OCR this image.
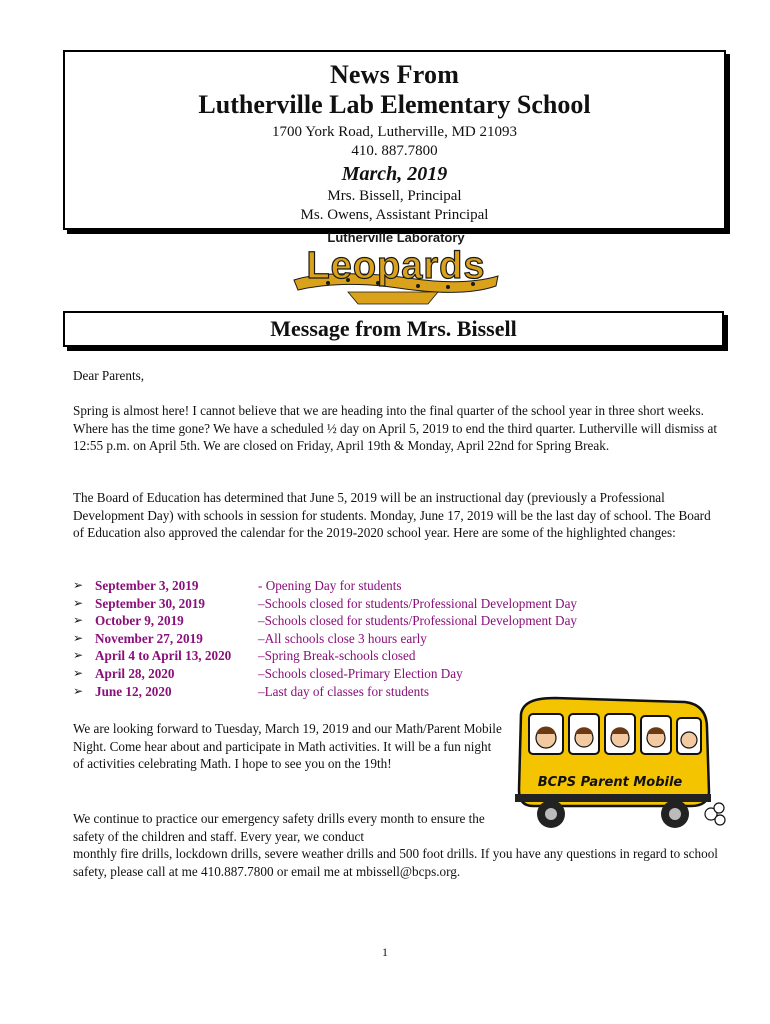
News From
Lutherville Lab Elementary School
1700 York Road, Lutherville, MD 21093
410. 887.7800
March, 2019
Mrs. Bissell, Principal
Ms. Owens, Assistant Principal
Lutherville Laboratory
Leopards
Message from Mrs. Bissell
Dear Parents,
Spring is almost here! I cannot believe that we are heading into the final quarter of the school year in three short weeks. Where has the time gone? We have a scheduled ½ day on April 5, 2019 to end the third quarter. Lutherville will dismiss at 12:55 p.m. on April 5th. We are closed on Friday, April 19th & Monday, April 22nd for Spring Break.
The Board of Education has determined that June 5, 2019 will be an instructional day (previously a Professional Development Day) with schools in session for students. Monday, June 17, 2019 will be the last day of school. The Board of Education also approved the calendar for the 2019-2020 school year. Here are some of the highlighted changes:
➢ September 3, 2019	- Opening Day for students
➢ September 30, 2019	–Schools closed for students/Professional Development Day
➢ October 9, 2019	–Schools closed for students/Professional Development Day
➢ November 27, 2019	–All schools close 3 hours early
➢ April 4 to April 13, 2020 –Spring Break-schools closed
➢ April 28, 2020	–Schools closed-Primary Election Day
➢ June 12, 2020	–Last day of classes for students
We are looking forward to Tuesday, March 19, 2019 and our Math/Parent Mobile Night. Come hear about and participate in Math activities. It will be a fun night of activities celebrating Math. I hope to see you on the 19th!
We continue to practice our emergency safety drills every month to ensure the safety of the children and staff. Every year, we conduct
monthly fire drills, lockdown drills, severe weather drills and 500 foot drills. If you have any questions in regard to school safety, please call at me 410.887.7800 or email me at mbissell@bcps.org.
BCPS Parent Mobile
1
